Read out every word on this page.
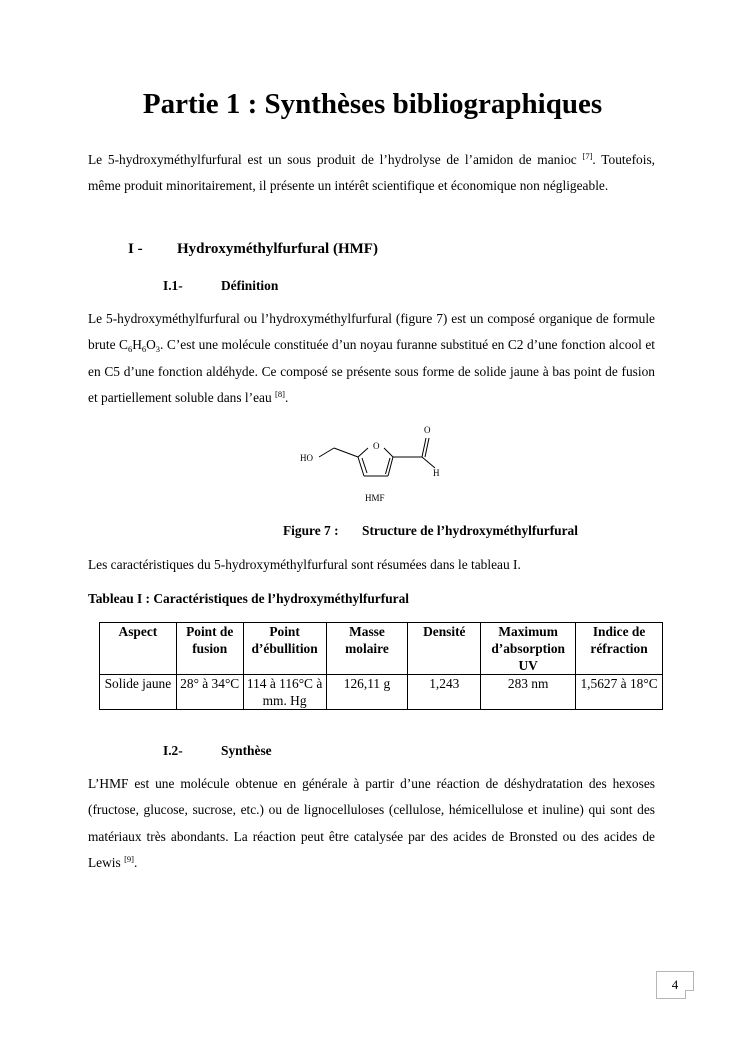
Partie 1 : Synthèses bibliographiques

Le 5-hydroxyméthylfurfural est un sous produit de l’hydrolyse de l’amidon de manioc [7]. Toutefois, même produit minoritairement, il présente un intérêt scientifique et économique non négligeable.

I - Hydroxyméthylfurfural (HMF)
I.1-	Définition

Le 5-hydroxyméthylfurfural ou l’hydroxyméthylfurfural (figure 7) est un composé organique de formule brute $C_6H_6O_3$. C’est une molécule constituée d’un noyau furanne substitué en C2 d’une fonction alcool et en C5 d’une fonction aldéhyde. Ce composé se présente sous forme de solide jaune à bas point de fusion et partiellement soluble dans l’eau [8].

HO
O
O
H
HMF
Figure 7 : Structure de l’hydroxyméthylfurfural
Les caractéristiques du 5-hydroxyméthylfurfural sont résumées dans le tableau I.
Tableau I : Caractéristiques de l’hydroxyméthylfurfural
Aspect	Point de fusion	Point d’ébullition	Masse molaire	Densité	Maximum d’absorption UV	Indice de réfraction
Solide jaune	28° à 34°C	114 à 116°C à mm. Hg	126,11 g	1,243	283 nm	1,5627 à 18°C
I.2-	Synthèse

L’HMF est une molécule obtenue en générale à partir d’une réaction de déshydratation des hexoses (fructose, glucose, sucrose, etc.) ou de lignocelluloses (cellulose, hémicellulose et inuline) qui sont des matériaux très abondants. La réaction peut être catalysée par des acides de Bronsted ou des acides de Lewis [9].

4
